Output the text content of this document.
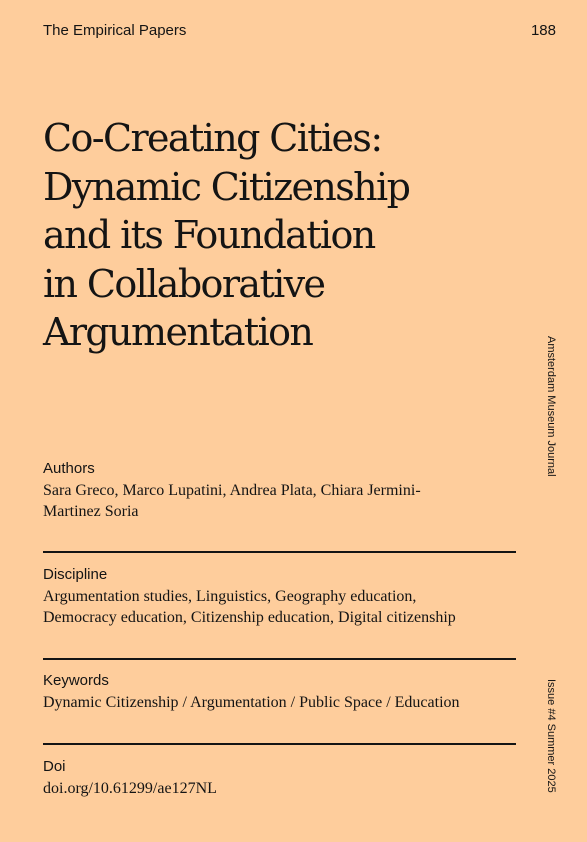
The Empirical Papers	188
Co-Creating Cities:
Dynamic Citizenship
and its Foundation
in Collaborative
Argumentation
Authors
Sara Greco, Marco Lupatini, Andrea Plata, Chiara Jermini-
Martinez Soria
Discipline
Argumentation studies, Linguistics, Geography education,
Democracy education, Citizenship education, Digital citizenship
Keywords
Dynamic Citizenship / Argumentation / Public Space / Education
Doi
doi.org/10.61299/ae127NL
Amsterdam Museum Journal
Issue #4 Summer 2025
